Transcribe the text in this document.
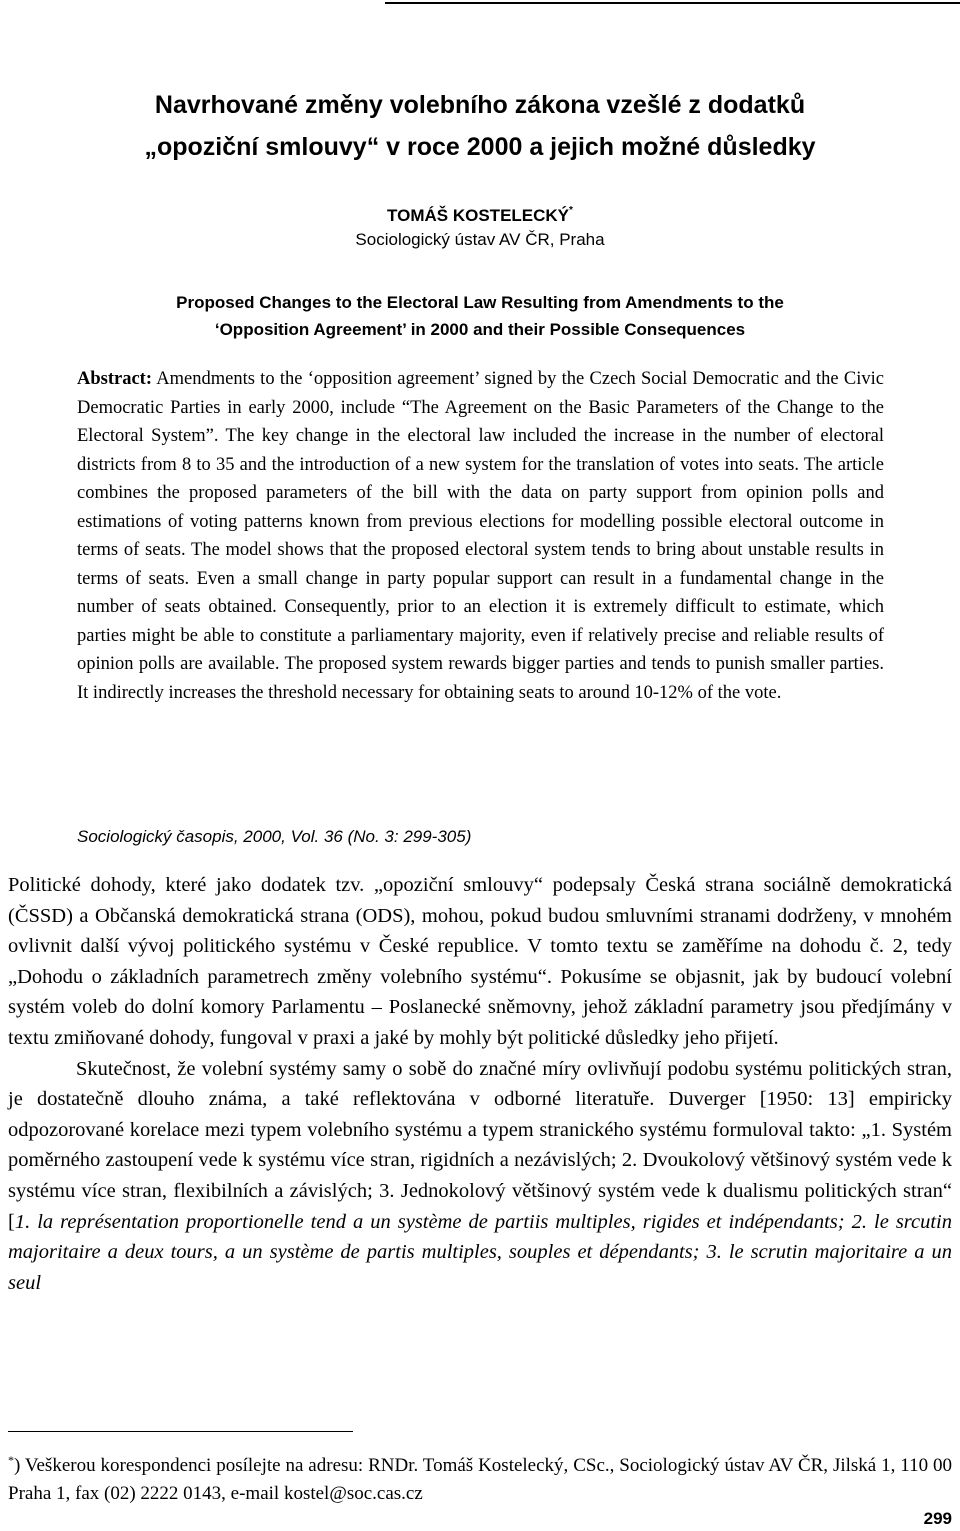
Navrhované změny volebního zákona vzešlé z dodatků
„opoziční smlouvy“ v roce 2000 a jejich možné důsledky
TOMÁŠ KOSTELECKÝ*
Sociologický ústav AV ČR, Praha
Proposed Changes to the Electoral Law Resulting from Amendments to the
‘Opposition Agreement’ in 2000 and their Possible Consequences
Abstract: Amendments to the ‘opposition agreement’ signed by the Czech Social Democratic and the Civic Democratic Parties in early 2000, include “The Agreement on the Basic Parameters of the Change to the Electoral System”. The key change in the electoral law included the increase in the number of electoral districts from 8 to 35 and the introduction of a new system for the translation of votes into seats. The article combines the proposed parameters of the bill with the data on party support from opinion polls and estimations of voting patterns known from previous elections for modelling possible electoral outcome in terms of seats. The model shows that the proposed electoral system tends to bring about unstable results in terms of seats. Even a small change in party popular support can result in a fundamental change in the number of seats obtained. Consequently, prior to an election it is extremely difficult to estimate, which parties might be able to constitute a parliamentary majority, even if relatively precise and reliable results of opinion polls are available. The proposed system rewards bigger parties and tends to punish smaller parties. It indirectly increases the threshold necessary for obtaining seats to around 10-12% of the vote.
Sociologický časopis, 2000, Vol. 36 (No. 3: 299-305)

Politické dohody, které jako dodatek tzv. „opoziční smlouvy“ podepsaly Česká strana sociálně demokratická (ČSSD) a Občanská demokratická strana (ODS), mohou, pokud budou smluvními stranami dodrženy, v mnohém ovlivnit další vývoj politického systému v České republice. V tomto textu se zaměříme na dohodu č. 2, tedy „Dohodu o základních parametrech změny volebního systému“. Pokusíme se objasnit, jak by budoucí volební systém voleb do dolní komory Parlamentu – Poslanecké sněmovny, jehož základní parametry jsou předjímány v textu zmiňované dohody, fungoval v praxi a jaké by mohly být politické důsledky jeho přijetí.

Skutečnost, že volební systémy samy o sobě do značné míry ovlivňují podobu systému politických stran, je dostatečně dlouho známa, a také reflektována v odborné literatuře. Duverger [1950: 13] empiricky odpozorované korelace mezi typem volebního systému a typem stranického systému formuloval takto: „1. Systém poměrného zastoupení vede k systému více stran, rigidních a nezávislých; 2. Dvoukolový většinový systém vede k systému více stran, flexibilních a závislých; 3. Jednokolový většinový systém vede k dualismu politických stran“ [1. la représentation proportionelle tend a un système de partiis multiples, rigides et indépendants; 2. le srcutin majoritaire a deux tours, a un système de partis multiples, souples et dépendants; 3. le scrutin majoritaire a un seul

*) Veškerou korespondenci posílejte na adresu: RNDr. Tomáš Kostelecký, CSc., Sociologický ústav AV ČR, Jilská 1, 110 00 Praha 1, fax (02) 2222 0143, e-mail kostel@soc.cas.cz
299
